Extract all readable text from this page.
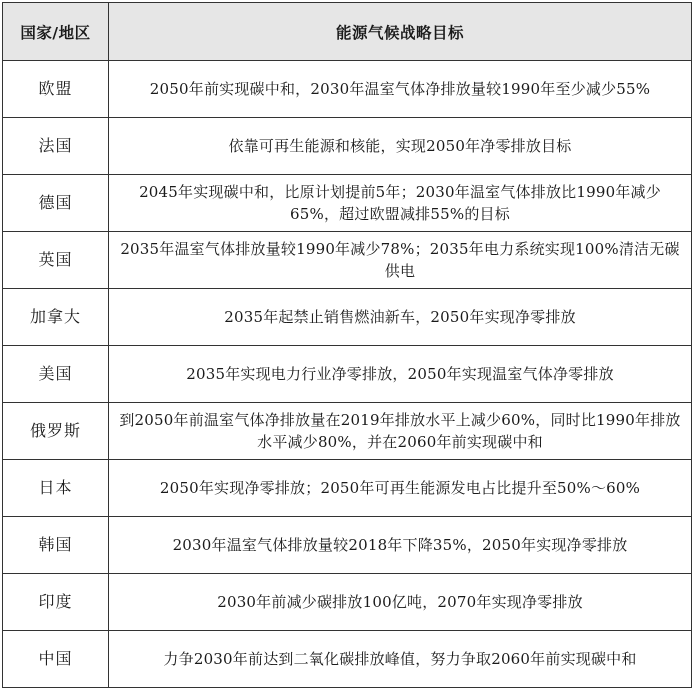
国家/地区	能源气候战略目标
欧盟	2050年前实现碳中和，2030年温室气体净排放量较1990年至少减少55%
法国	依靠可再生能源和核能，实现2050年净零排放目标
德国	2045年实现碳中和，比原计划提前5年；2030年温室气体排放比1990年减少65%，超过欧盟减排55%的目标
英国	2035年温室气体排放量较1990年减少78%；2035年电力系统实现100%清洁无碳供电
加拿大	2035年起禁止销售燃油新车，2050年实现净零排放
美国	2035年实现电力行业净零排放，2050年实现温室气体净零排放
俄罗斯	到2050年前温室气体净排放量在2019年排放水平上减少60%，同时比1990年排放水平减少80%，并在2060年前实现碳中和
日本	2050年实现净零排放；2050年可再生能源发电占比提升至50%～60%
韩国	2030年温室气体排放量较2018年下降35%，2050年实现净零排放
印度	2030年前减少碳排放100亿吨，2070年实现净零排放
中国	力争2030年前达到二氧化碳排放峰值，努力争取2060年前实现碳中和
